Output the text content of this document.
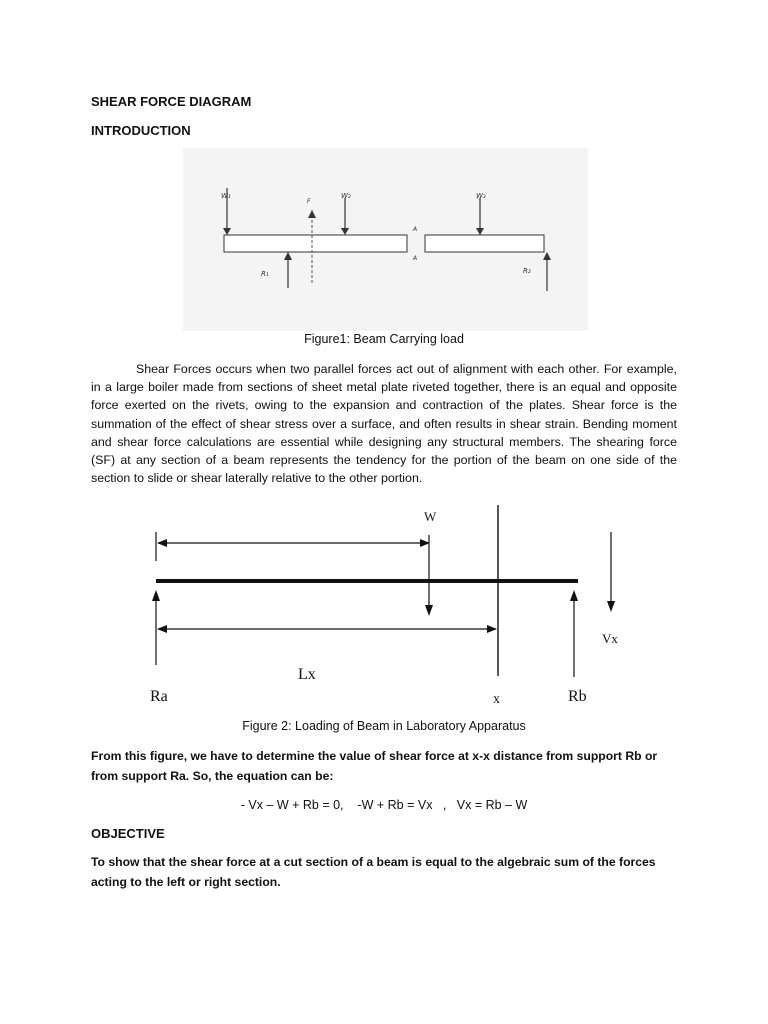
SHEAR FORCE DIAGRAM
INTRODUCTION
W₁
F
W₂	W₃
A
A
R₁	R₂

Figure1: Beam Carrying load

Shear Forces occurs when two parallel forces act out of alignment with each other. For example, in a large boiler made from sections of sheet metal plate riveted together, there is an equal and opposite force exerted on the rivets, owing to the expansion and contraction of the plates. Shear force is the summation of the effect of shear stress over a surface, and often results in shear strain. Bending moment and shear force calculations are essential while designing any structural members. The shearing force (SF) at any section of a beam represents the tendency for the portion of the beam on one side of the section to slide or shear laterally relative to the other portion.

W
Lx
Vx
Ra	x	Rb

Figure 2: Loading of Beam in Laboratory Apparatus

From this figure, we have to determine the value of shear force at x-x distance from support Rb or from support Ra. So, the equation can be:

- Vx – W + Rb = 0,    -W + Rb = Vx   ,   Vx = Rb – W

OBJECTIVE

To show that the shear force at a cut section of a beam is equal to the algebraic sum of the forces acting to the left or right section.
